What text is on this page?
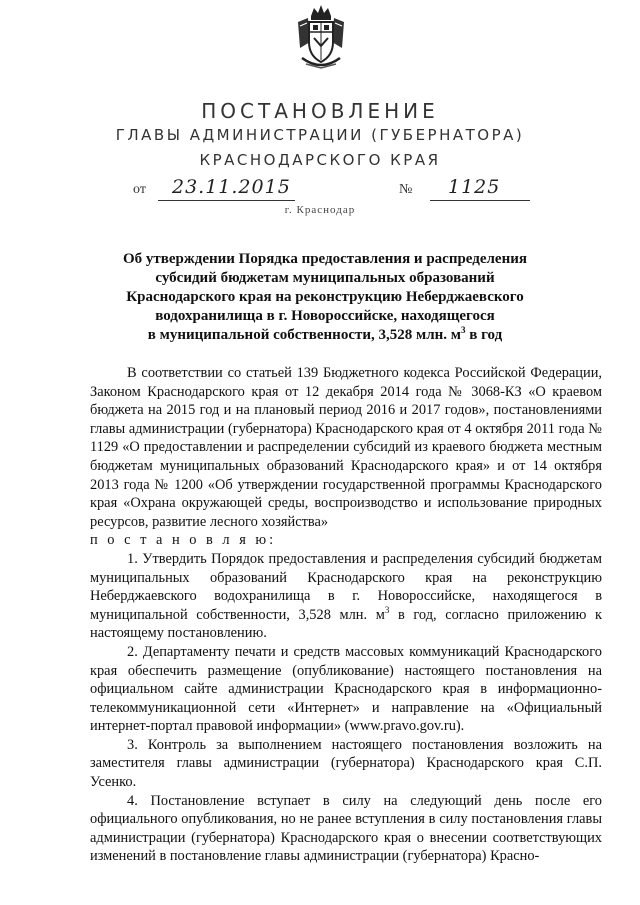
ПОСТАНОВЛЕНИЕ
ГЛАВЫ АДМИНИСТРАЦИИ (ГУБЕРНАТОРА)
КРАСНОДАРСКОГО КРАЯ
от 23.11.2015	№ 1125
г. Краснодар
Об утверждении Порядка предоставления и распределения
субсидий бюджетам муниципальных образований
Краснодарского края на реконструкцию Неберджаевского
водохранилища в г. Новороссийске, находящегося
в муниципальной собственности, 3,528 млн. $м^3$ в год

В соответствии со статьей 139 Бюджетного кодекса Российской Федерации, Законом Краснодарского края от 12 декабря 2014 года № 3068-КЗ «О краевом бюджета на 2015 год и на плановый период 2016 и 2017 годов», постановлениями главы администрации (губернатора) Краснодарского края от 4 октября 2011 года № 1129 «О предоставлении и распределении субсидий из краевого бюджета местным бюджетам муниципальных образований Краснодарского края» и от 14 октября 2013 года № 1200 «Об утверждении государственной программы Краснодарского края «Охрана окружающей среды, воспроизводство и использование природных ресурсов, развитие лесного хозяйства»

п о с т а н о в л я ю:

1. Утвердить Порядок предоставления и распределения субсидий бюджетам муниципальных образований Краснодарского края на реконструкцию Неберджаевского водохранилища в г. Новороссийске, находящегося в муниципальной собственности, 3,528 млн. $м^3$ в год, согласно приложению к настоящему постановлению.

2. Департаменту печати и средств массовых коммуникаций Краснодарского края обеспечить размещение (опубликование) настоящего постановления на официальном сайте администрации Краснодарского края в информационно-телекоммуникационной сети «Интернет» и направление на «Официальный интернет-портал правовой информации» (www.pravo.gov.ru).

3. Контроль за выполнением настоящего постановления возложить на заместителя главы администрации (губернатора) Краснодарского края С.П. Усенко.

4. Постановление вступает в силу на следующий день после его официального опубликования, но не ранее вступления в силу постановления главы администрации (губернатора) Краснодарского края о внесении соответствующих изменений в постановление главы администрации (губернатора) Красно-
